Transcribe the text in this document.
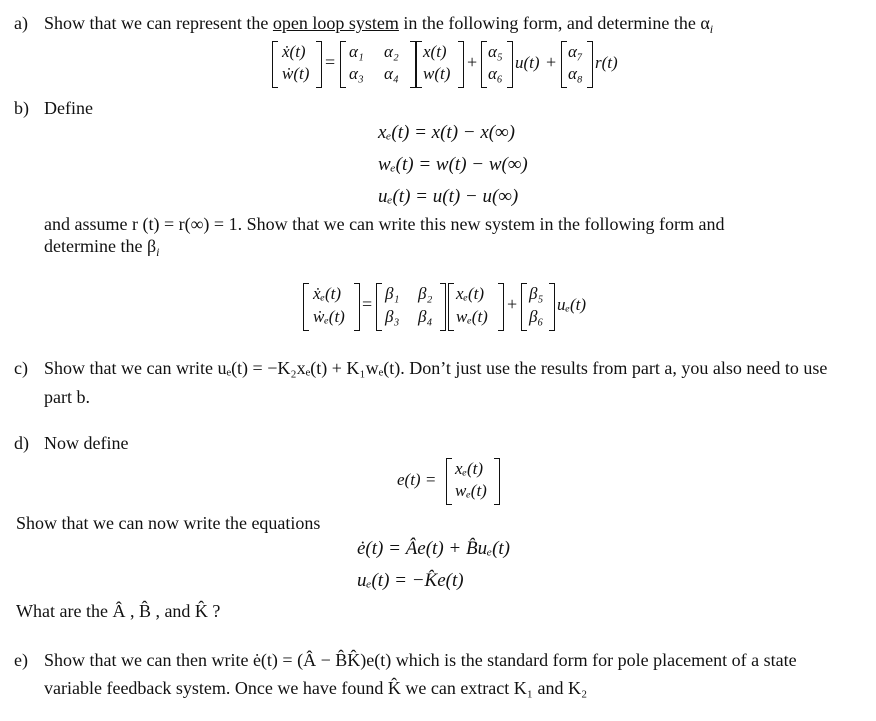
a) Show that we can represent the open loop system in the following form, and determine the $\alpha_i$
ẋ(t)
ẇ(t)
=
α₁ α₂
α₃ α₄
x(t)
w(t)
+
α₅
α₆
u(t) +
α₇
α₈
r(t)
b) Define
xₑ(t) = x(t) − x(∞)
wₑ(t) = w(t) − w(∞)
uₑ(t) = u(t) − u(∞)
and assume r (t) = r(∞) = 1. Show that we can write this new system in the following form and
determine the $\beta_i$
ẋₑ(t)
ẇₑ(t)
=
β₁ β₂
β₃ β₄
xₑ(t)
wₑ(t)
+
β₅
β₆
uₑ(t)
c) Show that we can write uₑ(t) = −K₂xₑ(t) + K₁wₑ(t). Don’t just use the results from part a, you also need to use
part b.
d) Now define
e(t) =
xₑ(t)
wₑ(t)
Show that we can now write the equations
ė(t) = Âe(t) + B̂uₑ(t)
uₑ(t) = −K̂e(t)
What are the Â , B̂ , and K̂ ?
e) Show that we can then write ė(t) = (Â − B̂K̂)e(t) which is the standard form for pole placement of a state
variable feedback system. Once we have found K̂ we can extract K₁ and K₂
